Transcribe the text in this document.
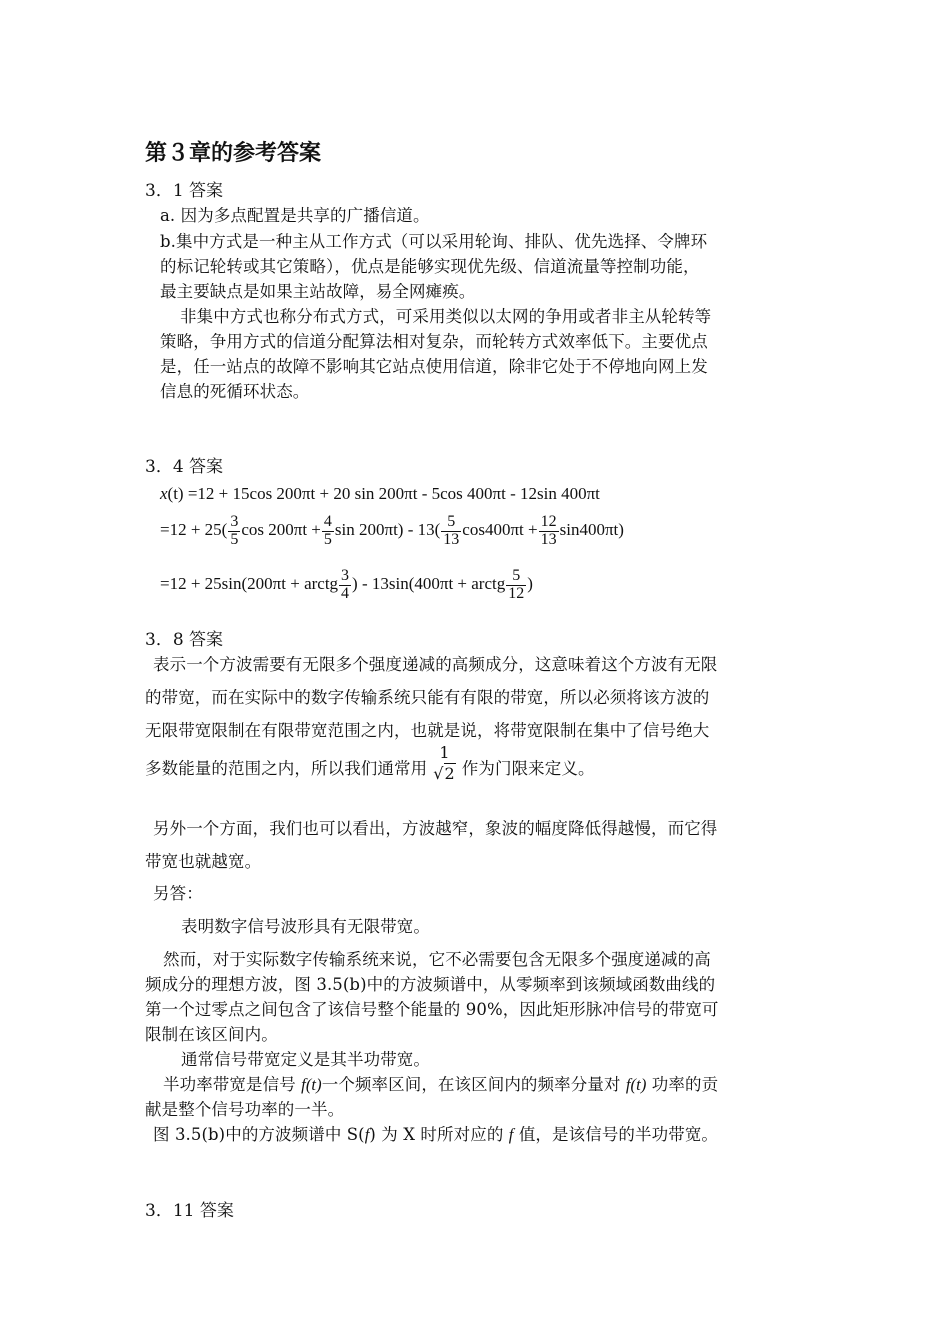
第３章的参考答案
3．1 答案
a. 因为多点配置是共享的广播信道。
b.集中方式是一种主从工作方式（可以采用轮询、排队、优先选择、令牌环
的标记轮转或其它策略），优点是能够实现优先级、信道流量等控制功能，
最主要缺点是如果主站故障，易全网瘫痪。
非集中方式也称分布式方式，可采用类似以太网的争用或者非主从轮转等
策略，争用方式的信道分配算法相对复杂，而轮转方式效率低下。主要优点
是，任一站点的故障不影响其它站点使用信道，除非它处于不停地向网上发
信息的死循环状态。
3．4 答案
x(t) =12 + 15cos 200πt + 20 sin 200πt - 5cos 400πt - 12sin 400πt
$=12 + 25( \frac{3}{5}$ $\cos 200\pi t + \frac{4}{5}$ $\sin 200\pi t) - 13( \frac{5}{13} \cos 400\pi t + \frac{12}{13} \sin 400\pi t)$
=12 + 25sin(200πt + arctg $\frac{3}{4}$ ) - 13sin(400πt + arctg $\frac{5}{12}$ )
3．8 答案
表示一个方波需要有无限多个强度递减的高频成分，这意味着这个方波有无限
的带宽，而在实际中的数字传输系统只能有有限的带宽，所以必须将该方波的
无限带宽限制在有限带宽范围之内，也就是说，将带宽限制在集中了信号绝大
多数能量的范围之内，所以我们通常用
1
√2 作为门限来定义。
另外一个方面，我们也可以看出，方波越窄，象波的幅度降低得越慢，而它得
带宽也就越宽。
另答：
表明数字信号波形具有无限带宽。
然而，对于实际数字传输系统来说，它不必需要包含无限多个强度递减的高
频成分的理想方波，图 3.5(b)中的方波频谱中，从零频率到该频域函数曲线的
第一个过零点之间包含了该信号整个能量的 90%，因此矩形脉冲信号的带宽可
限制在该区间内。
通常信号带宽定义是其半功带宽。
半功率带宽是信号 f(t)一个频率区间，在该区间内的频率分量对 f(t) 功率的贡
献是整个信号功率的一半。
图 3.5(b)中的方波频谱中 S(f) 为 X 时所对应的 f 值，是该信号的半功带宽。
3．11 答案
